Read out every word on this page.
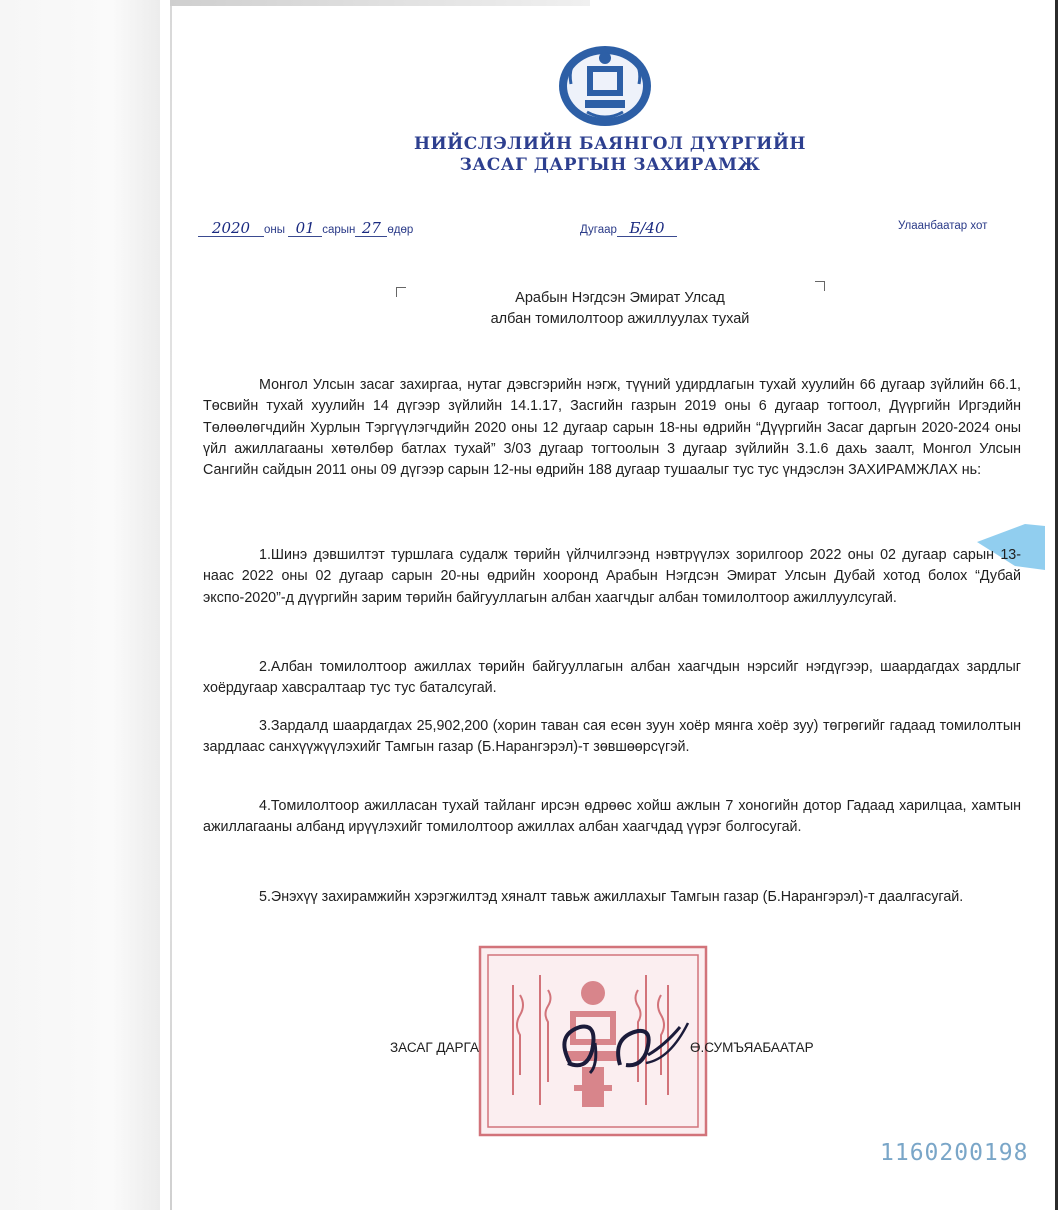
НИЙСЛЭЛИЙН БАЯНГОЛ ДҮҮРГИЙН
ЗАСАГ ДАРГЫН ЗАХИРАМЖ
2020 оны 01 сарын 27 өдөр	Дугаар Б/40	Улаанбаатар хот

Арабын Нэгдсэн Эмират Улсад

албан томилолтоор ажиллуулах тухай

Монгол Улсын засаг захиргаа, нутаг дэвсгэрийн нэгж, түүний удирдлагын тухай хуулийн 66 дугаар зүйлийн 66.1, Төсвийн тухай хуулийн 14 дүгээр зүйлийн 14.1.17, Засгийн газрын 2019 оны 6 дугаар тогтоол, Дүүргийн Иргэдийн Төлөөлөгчдийн Хурлын Тэргүүлэгчдийн 2020 оны 12 дугаар сарын 18-ны өдрийн “Дүүргийн Засаг даргын 2020-2024 оны үйл ажиллагааны хөтөлбөр батлах тухай” 3/03 дугаар тогтоолын 3 дугаар зүйлийн 3.1.6 дахь заалт, Монгол Улсын Сангийн сайдын 2011 оны 09 дүгээр сарын 12-ны өдрийн 188 дугаар тушаалыг тус тус үндэслэн ЗАХИРАМЖЛАХ нь:

1.Шинэ дэвшилтэт туршлага судалж төрийн үйлчилгээнд нэвтрүүлэх зорилгоор 2022 оны 02 дугаар сарын 13-наас 2022 оны 02 дугаар сарын 20-ны өдрийн хооронд Арабын Нэгдсэн Эмират Улсын Дубай хотод болох “Дубай экспо-2020”-д дүүргийн зарим төрийн байгууллагын албан хаагчдыг албан томилолтоор ажиллуулсугай.

2.Албан томилолтоор ажиллах төрийн байгууллагын албан хаагчдын нэрсийг нэгдүгээр, шаардагдах зардлыг хоёрдугаар хавсралтаар тус тус баталсугай.

3.Зардалд шаардагдах 25,902,200 (хорин таван сая есөн зуун хоёр мянга хоёр зуу) төгрөгийг гадаад томилолтын зардлаас санхүүжүүлэхийг Тамгын газар (Б.Нарангэрэл)-т зөвшөөрсүгэй.

4.Томилолтоор ажилласан тухай тайланг ирсэн өдрөөс хойш ажлын 7 хоногийн дотор Гадаад харилцаа, хамтын ажиллагааны албанд ирүүлэхийг томилолтоор ажиллах албан хаагчдад үүрэг болгосугай.

5.Энэхүү захирамжийн хэрэгжилтэд хяналт тавьж ажиллахыг Тамгын газар (Б.Нарангэрэл)-т даалгасугай.

ЗАСАГ ДАРГА	Ө.СУМЪЯАБААТАР

1160200198
